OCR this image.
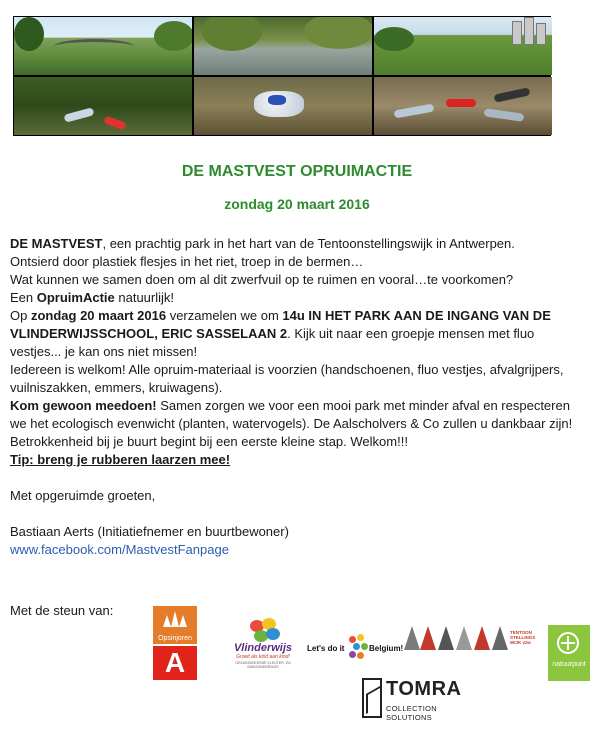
DE MASTVEST OPRUIMACTIE
zondag 20 maart 2016

DE MASTVEST, een prachtig park in het hart van de Tentoonstellingswijk in Antwerpen.

Ontsierd door plastiek flesjes in het riet, troep in de bermen…

Wat kunnen we samen doen om al dit zwerfvuil op te ruimen en vooral…te voorkomen?

Een OpruimActie natuurlijk!

Op zondag 20 maart 2016 verzamelen we om 14u IN HET PARK AAN DE INGANG VAN DE VLINDERWIJSSCHOOL, ERIC SASSELAAN 2. Kijk uit naar een groepje mensen met fluo vestjes... je kan ons niet missen!

Iedereen is welkom! Alle opruim-materiaal is voorzien (handschoenen, fluo vestjes, afvalgrijpers, vuilniszakken, emmers, kruiwagens).

Kom gewoon meedoen! Samen zorgen we voor een mooi park met minder afval en respecteren we het ecologisch evenwicht (planten, watervogels). De Aalscholvers & Co zullen u dankbaar zijn!

Betrokkenheid bij je buurt begint bij een eerste kleine stap. Welkom!!!

Tip: breng je rubberen laarzen mee!

Met opgeruimde groeten,

Bastiaan Aerts (Initiatiefnemer en buurtbewoner)

www.facebook.com/MastvestFanpage

Met de steun van:
Opsinjoren
A	Vlinderwijs
Groeit als kind aan kind!
GESUBSIDIEERDE KLEUTER- EN BASISONDERWIJS
Let's do it	Belgium!
TENTOON STELLINGS WIJK vzw
natuurpunt
TOMRA
COLLECTION SOLUTIONS
